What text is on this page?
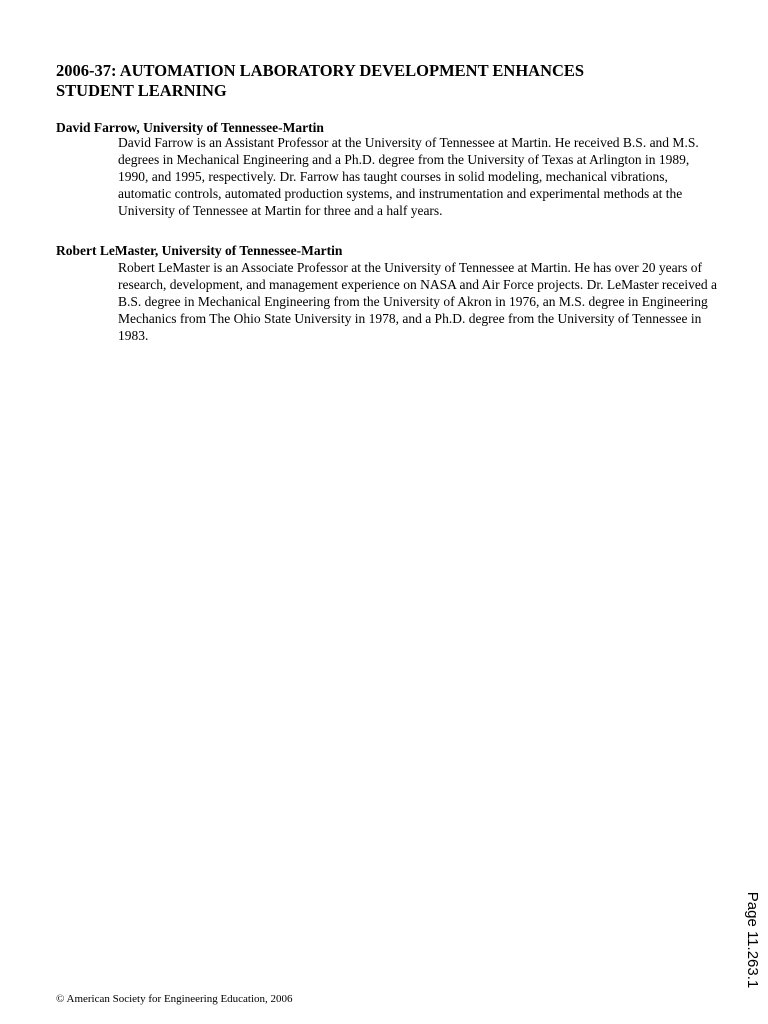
2006-37: AUTOMATION LABORATORY DEVELOPMENT ENHANCES
STUDENT LEARNING
David Farrow, University of Tennessee-Martin
David Farrow is an Assistant Professor at the University of Tennessee at Martin. He received B.S. and M.S. degrees in Mechanical Engineering and a Ph.D. degree from the University of Texas at Arlington in 1989, 1990, and 1995, respectively. Dr. Farrow has taught courses in solid modeling, mechanical vibrations, automatic controls, automated production systems, and instrumentation and experimental methods at the University of Tennessee at Martin for three and a half years.
Robert LeMaster, University of Tennessee-Martin
Robert LeMaster is an Associate Professor at the University of Tennessee at Martin. He has over 20 years of research, development, and management experience on NASA and Air Force projects. Dr. LeMaster received a B.S. degree in Mechanical Engineering from the University of Akron in 1976, an M.S. degree in Engineering Mechanics from The Ohio State University in 1978, and a Ph.D. degree from the University of Tennessee in 1983.
© American Society for Engineering Education, 2006
Page 11.263.1
